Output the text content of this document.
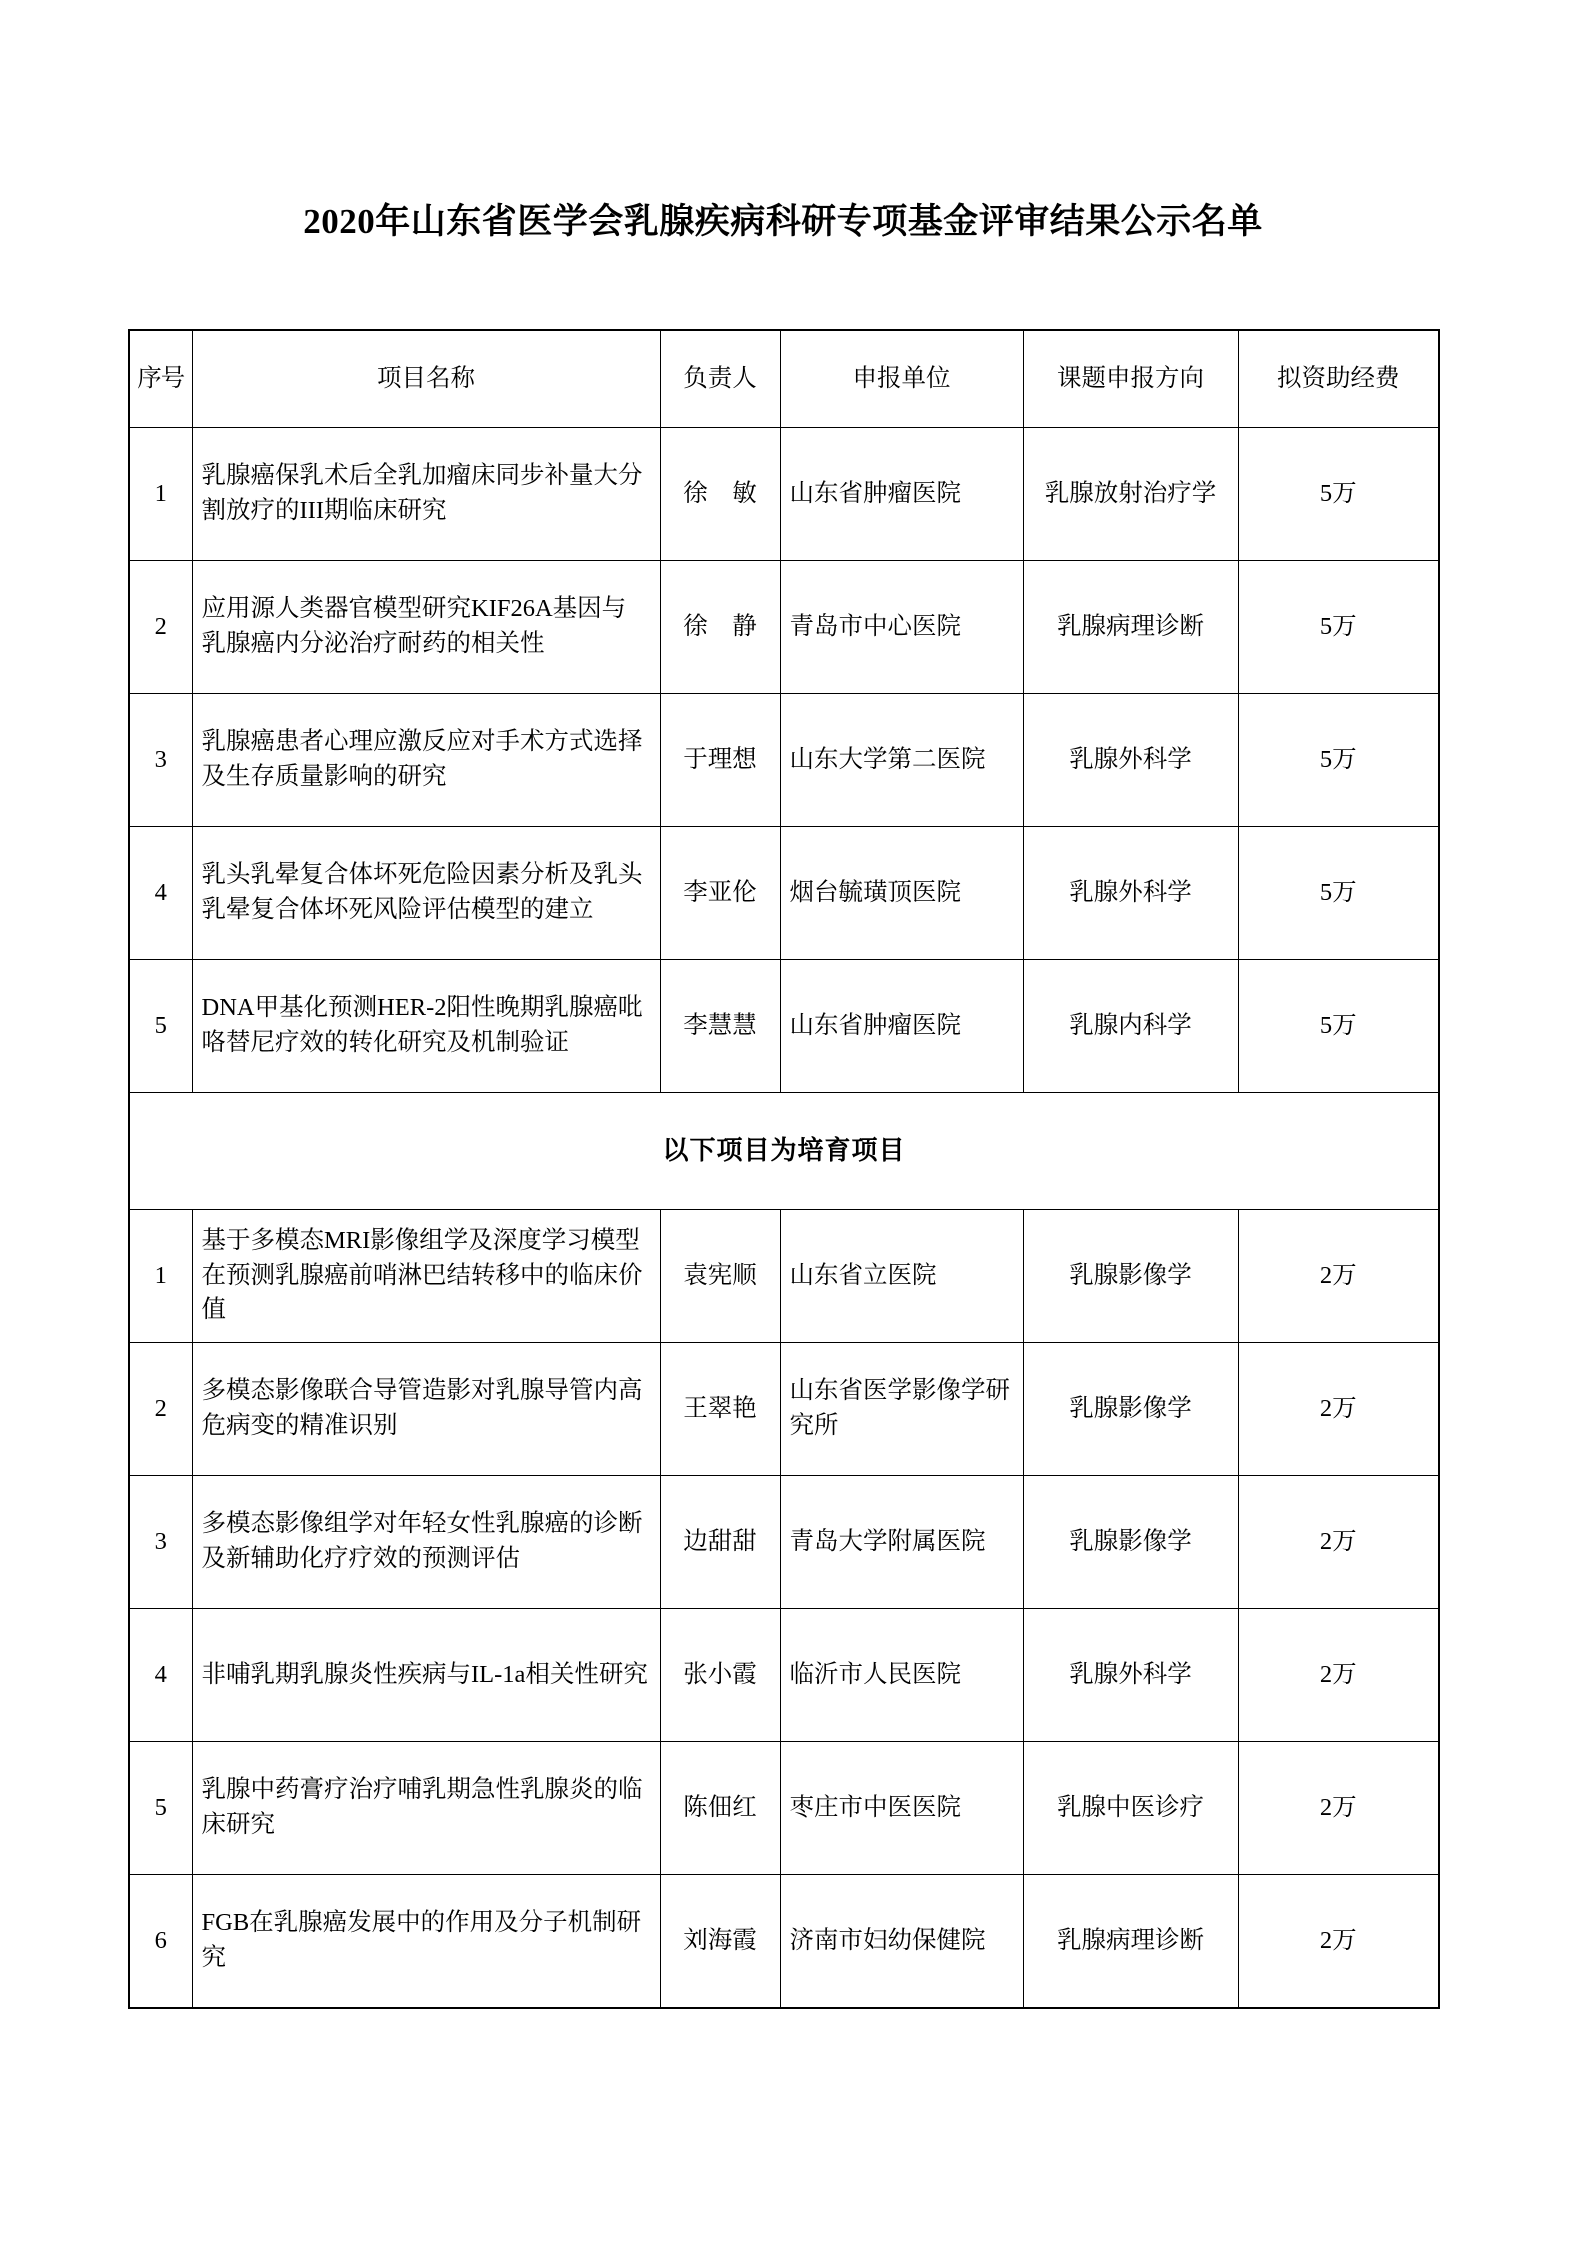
2020年山东省医学会乳腺疾病科研专项基金评审结果公示名单
序号	项目名称	负责人	申报单位	课题申报方向	拟资助经费
1	乳腺癌保乳术后全乳加瘤床同步补量大分割放疗的III期临床研究	徐　敏	山东省肿瘤医院	乳腺放射治疗学	5万
2	应用源人类器官模型研究KIF26A基因与乳腺癌内分泌治疗耐药的相关性	徐　静	青岛市中心医院	乳腺病理诊断	5万
3	乳腺癌患者心理应激反应对手术方式选择及生存质量影响的研究	于理想	山东大学第二医院	乳腺外科学	5万
4	乳头乳晕复合体坏死危险因素分析及乳头乳晕复合体坏死风险评估模型的建立	李亚伦	烟台毓璜顶医院	乳腺外科学	5万
5	DNA甲基化预测HER-2阳性晚期乳腺癌吡咯替尼疗效的转化研究及机制验证	李慧慧	山东省肿瘤医院	乳腺内科学	5万
以下项目为培育项目					
1	基于多模态MRI影像组学及深度学习模型在预测乳腺癌前哨淋巴结转移中的临床价值	袁宪顺	山东省立医院	乳腺影像学	2万
2	多模态影像联合导管造影对乳腺导管内高危病变的精准识别	王翠艳	山东省医学影像学研究所	乳腺影像学	2万
3	多模态影像组学对年轻女性乳腺癌的诊断及新辅助化疗疗效的预测评估	边甜甜	青岛大学附属医院	乳腺影像学	2万
4	非哺乳期乳腺炎性疾病与IL-1a相关性研究	张小霞	临沂市人民医院	乳腺外科学	2万
5	乳腺中药膏疗治疗哺乳期急性乳腺炎的临床研究	陈佃红	枣庄市中医医院	乳腺中医诊疗	2万
6	FGB在乳腺癌发展中的作用及分子机制研究	刘海霞	济南市妇幼保健院	乳腺病理诊断	2万
